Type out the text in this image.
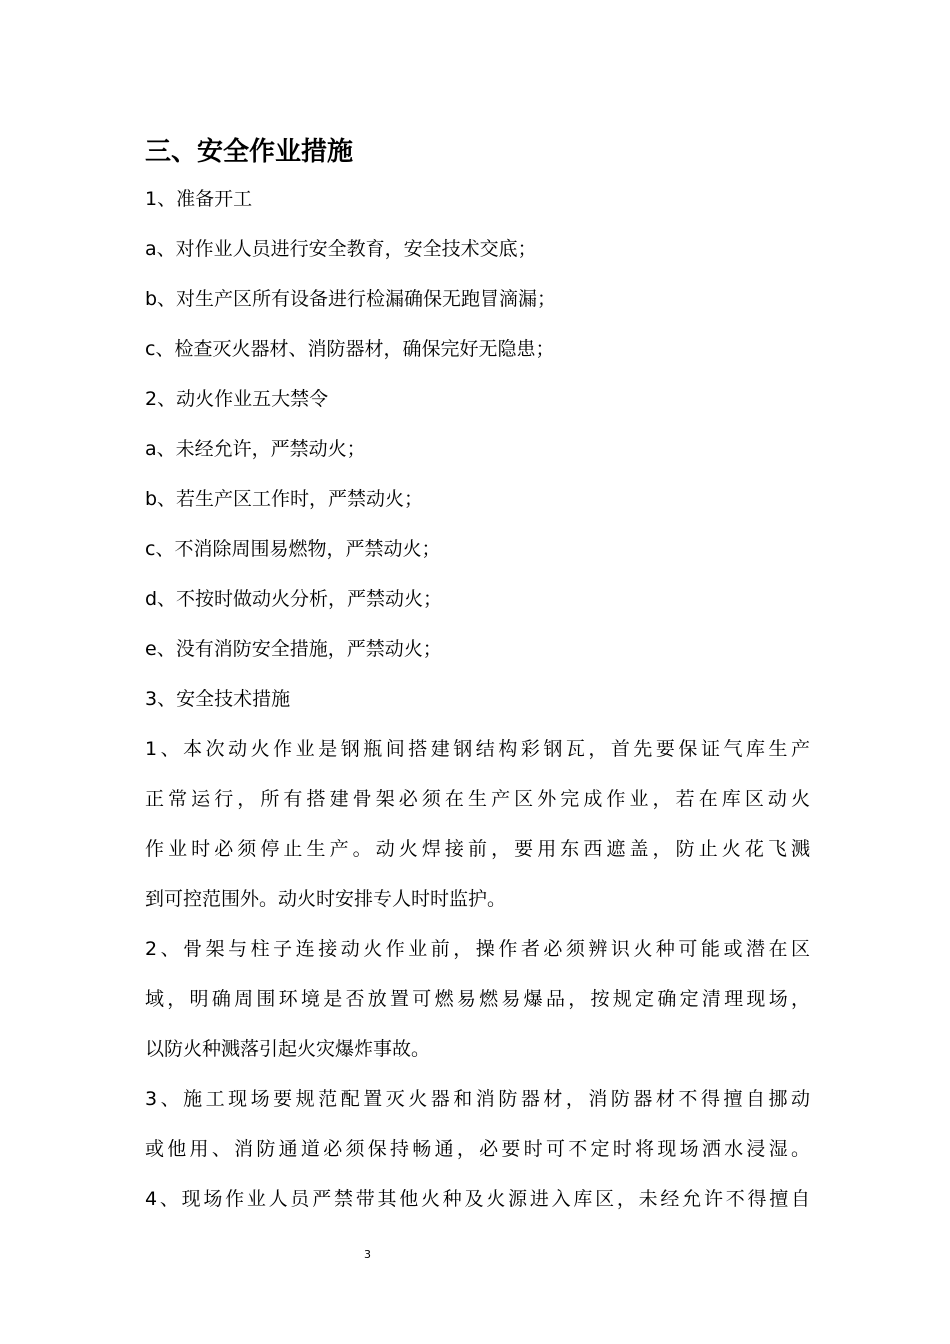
三、安全作业措施

1、准备开工

a、对作业人员进行安全教育，安全技术交底；

b、对生产区所有设备进行检漏确保无跑冒滴漏；

c、检查灭火器材、消防器材，确保完好无隐患；

2、动火作业五大禁令

a、未经允许，严禁动火；

b、若生产区工作时，严禁动火；

c、不消除周围易燃物，严禁动火；

d、不按时做动火分析，严禁动火；

e、没有消防安全措施，严禁动火；

3、安全技术措施

1、本次动火作业是钢瓶间搭建钢结构彩钢瓦，首先要保证气库生产
正常运行，所有搭建骨架必须在生产区外完成作业，若在库区动火
作业时必须停止生产。动火焊接前，要用东西遮盖，防止火花飞溅
到可控范围外。动火时安排专人时时监护。
2、骨架与柱子连接动火作业前，操作者必须辨识火种可能或潜在区
域，明确周围环境是否放置可燃易燃易爆品，按规定确定清理现场，
以防火种溅落引起火灾爆炸事故。
3、施工现场要规范配置灭火器和消防器材，消防器材不得擅自挪动
或他用、消防通道必须保持畅通，必要时可不定时将现场洒水浸湿。
4、现场作业人员严禁带其他火种及火源进入库区，未经允许不得擅自
3
